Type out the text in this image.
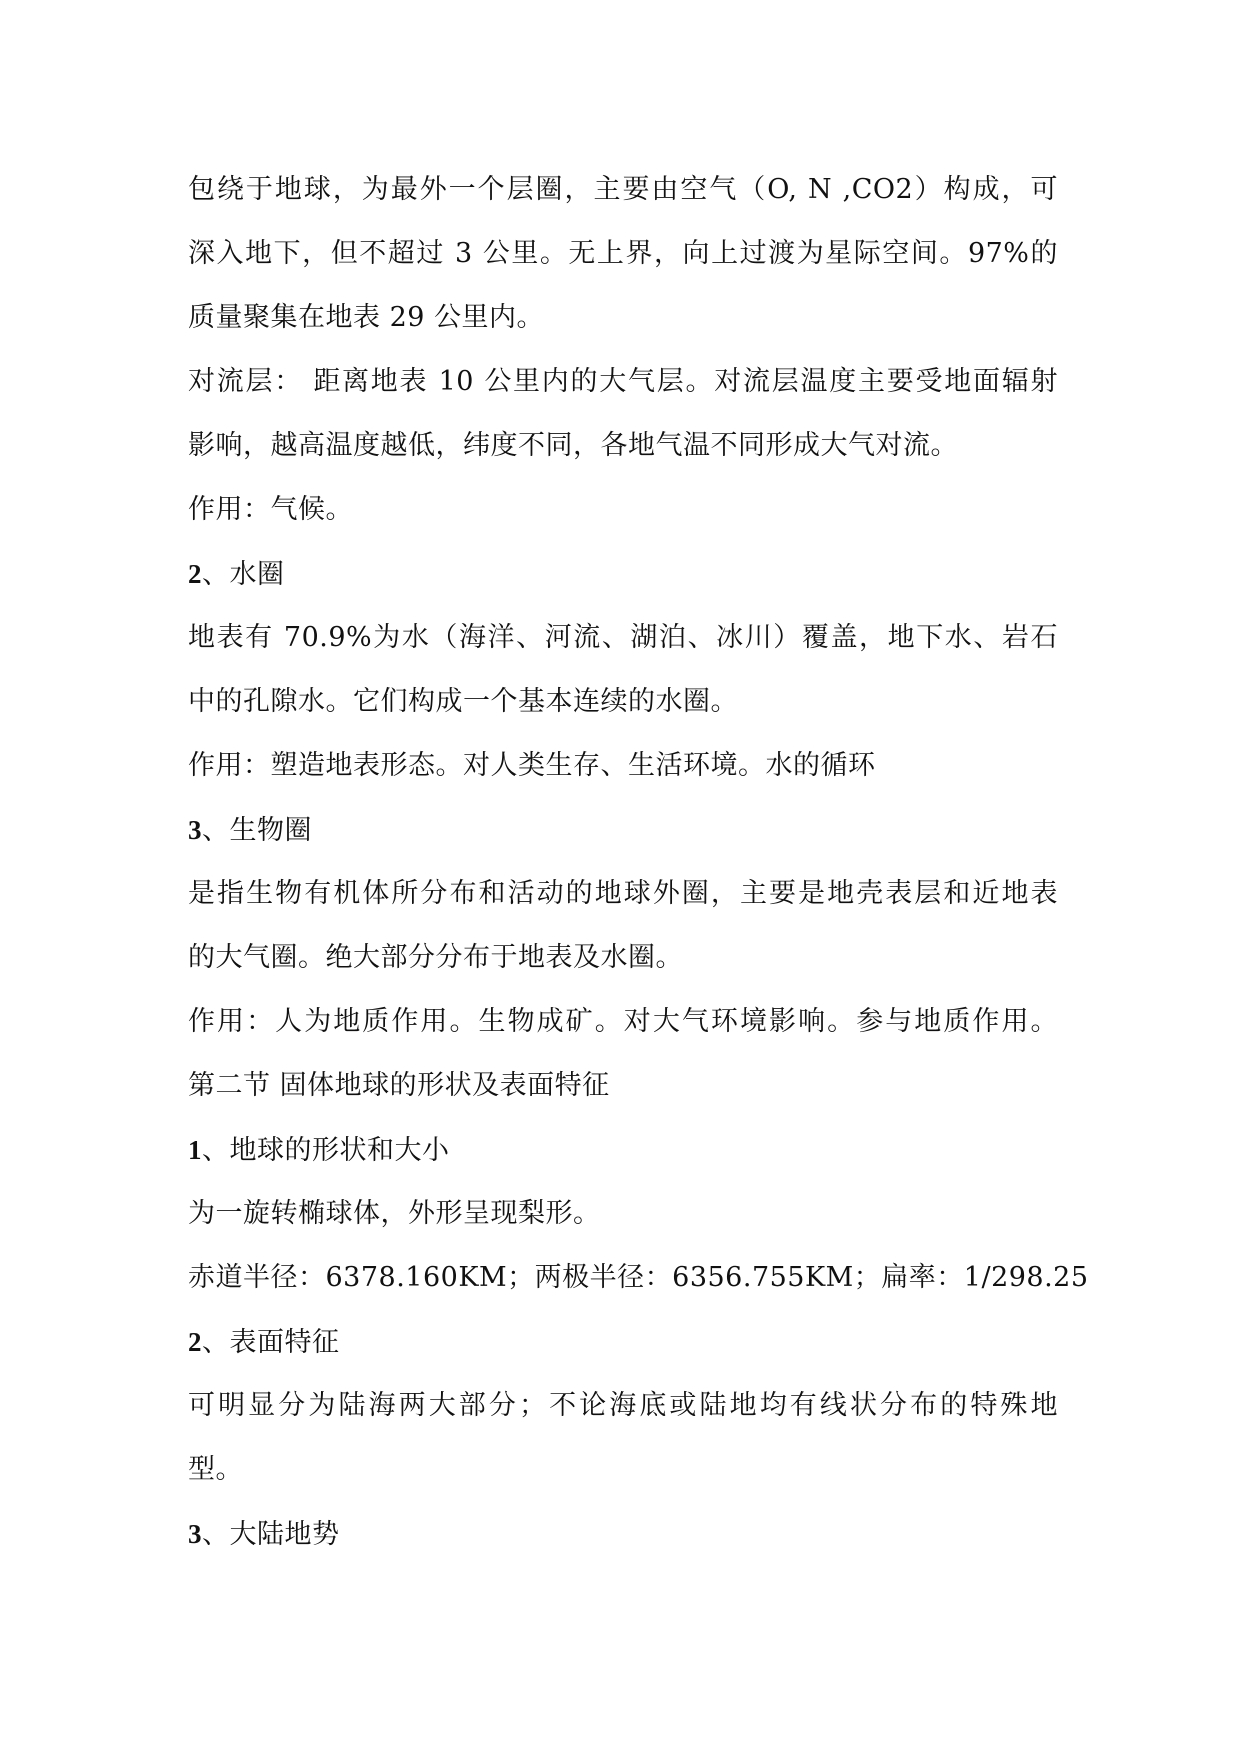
包绕于地球，为最外一个层圈，主要由空气（O, N ,CO2）构成，可
深入地下，但不超过 3 公里。无上界，向上过渡为星际空间。97%的
质量聚集在地表 29 公里内。
对流层： 距离地表 10 公里内的大气层。对流层温度主要受地面辐射
影响，越高温度越低，纬度不同，各地气温不同形成大气对流。
作用：气候。
2、水圈
地表有 70.9%为水（海洋、河流、湖泊、冰川）覆盖，地下水、岩石
中的孔隙水。它们构成一个基本连续的水圈。
作用：塑造地表形态。对人类生存、生活环境。水的循环
3、生物圈
是指生物有机体所分布和活动的地球外圈，主要是地壳表层和近地表
的大气圈。绝大部分分布于地表及水圈。
作用：人为地质作用。生物成矿。对大气环境影响。参与地质作用。
第二节 固体地球的形状及表面特征
1、地球的形状和大小
为一旋转椭球体，外形呈现梨形。
赤道半径：6378.160KM；两极半径：6356.755KM；扁率：1/298.25
2、表面特征
可明显分为陆海两大部分；不论海底或陆地均有线状分布的特殊地
型。
3、大陆地势
